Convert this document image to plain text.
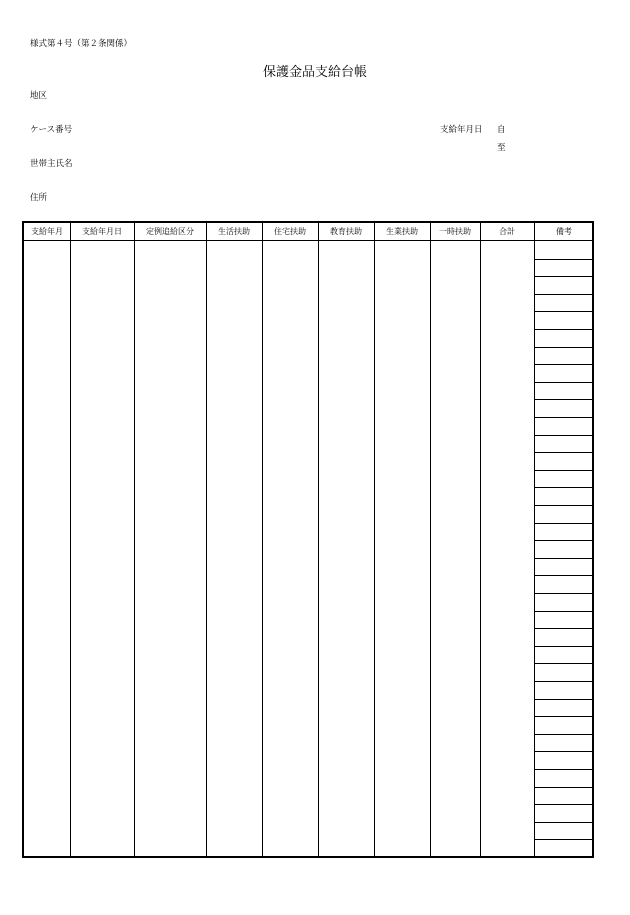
様式第４号（第２条関係）
保護金品支給台帳
地区
ケース番号
世帯主氏名
住所
支給年月日 自
至
支給年月	支給年月日	定例追給区分	生活扶助	住宅扶助	教育扶助	生業扶助	一時扶助	合計	備考
